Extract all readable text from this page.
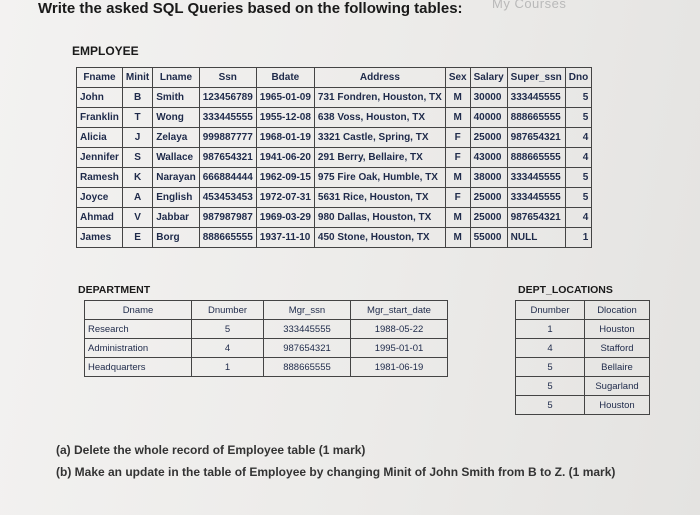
My Courses
Write the asked SQL Queries based on the following tables:
EMPLOYEE
Fname	Minit	Lname	Ssn	Bdate	Address	Sex	Salary	Super_ssn	Dno
John	B	Smith	123456789	1965-01-09	731 Fondren, Houston, TX	M	30000	333445555	5
Franklin	T	Wong	333445555	1955-12-08	638 Voss, Houston, TX	M	40000	888665555	5
Alicia	J	Zelaya	999887777	1968-01-19	3321 Castle, Spring, TX	F	25000	987654321	4
Jennifer	S	Wallace	987654321	1941-06-20	291 Berry, Bellaire, TX	F	43000	888665555	4
Ramesh	K	Narayan	666884444	1962-09-15	975 Fire Oak, Humble, TX	M	38000	333445555	5
Joyce	A	English	453453453	1972-07-31	5631 Rice, Houston, TX	F	25000	333445555	5
Ahmad	V	Jabbar	987987987	1969-03-29	980 Dallas, Houston, TX	M	25000	987654321	4
James	E	Borg	888665555	1937-11-10	450 Stone, Houston, TX	M	55000	NULL	1
DEPARTMENT
Dname	Dnumber	Mgr_ssn	Mgr_start_date
Research	5	333445555	1988-05-22
Administration	4	987654321	1995-01-01
Headquarters	1	888665555	1981-06-19
DEPT_LOCATIONS
Dnumber	Dlocation
1	Houston
4	Stafford
5	Bellaire
5	Sugarland
5	Houston

(a) Delete the whole record of Employee table (1 mark)

(b) Make an update in the table of Employee by changing Minit of John Smith from B to Z. (1 mark)
